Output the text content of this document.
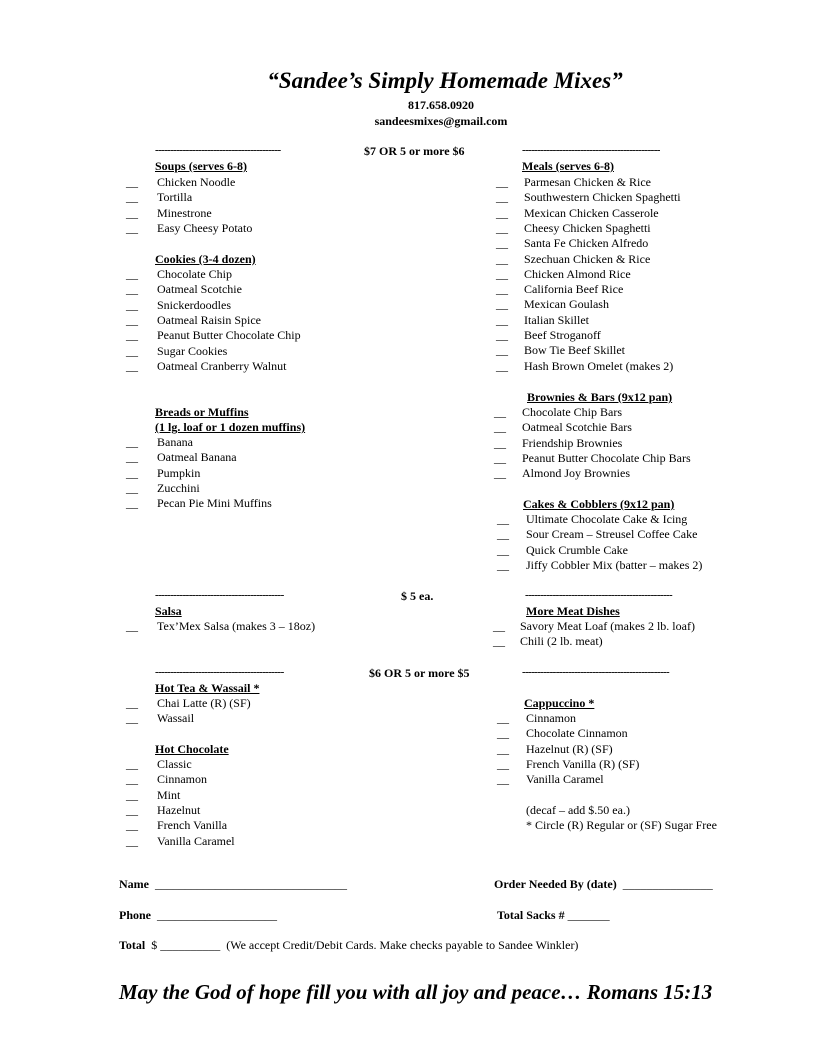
“Sandee’s Simply Homemade Mixes”
817.658.0920
sandeesmixes@gmail.com
-----------------------------------------	$7 OR 5 or more $6	---------------------------------------------
Soups (serves 6-8)
Cookies (3-4 dozen)
Breads or Muffins
(1 lg. loaf or 1 dozen muffins)
Meals (serves 6-8)
Brownies & Bars (9x12 pan)
Cakes & Cobblers (9x12 pan)
------------------------------------------	$ 5 ea.	------------------------------------------------
Salsa	More Meat Dishes
------------------------------------------	$6 OR 5 or more $5	------------------------------------------------
Hot Tea & Wassail *
Hot Chocolate
Cappuccino *
(decaf – add $.50 ea.)
* Circle (R) Regular or (SF) Sugar Free
Name ________________________________	Order Needed By (date) _______________
Phone ____________________	Total Sacks # _______
Total $ __________ (We accept Credit/Debit Cards. Make checks payable to Sandee Winkler)
May the God of hope fill you with all joy and peace… Romans 15:13
__ Chicken Noodle
__ Tortilla
__ Minestrone
__ Easy Cheesy Potato
__ Chocolate Chip
__ Oatmeal Scotchie
__ Snickerdoodles
__ Oatmeal Raisin Spice
__ Peanut Butter Chocolate Chip
__ Sugar Cookies
__ Oatmeal Cranberry Walnut
__ Banana
__ Oatmeal Banana
__ Pumpkin
__ Zucchini
__ Pecan Pie Mini Muffins
__ Parmesan Chicken & Rice
__ Southwestern Chicken Spaghetti
__ Mexican Chicken Casserole
__ Cheesy Chicken Spaghetti
__ Santa Fe Chicken Alfredo
__ Szechuan Chicken & Rice
__ Chicken Almond Rice
__ California Beef Rice
__ Mexican Goulash
__ Italian Skillet
__ Beef Stroganoff
__ Bow Tie Beef Skillet
__ Hash Brown Omelet (makes 2)
__ Chocolate Chip Bars
__ Oatmeal Scotchie Bars
__ Friendship Brownies
__ Peanut Butter Chocolate Chip Bars
__ Almond Joy Brownies
__ Ultimate Chocolate Cake & Icing
__ Sour Cream – Streusel Coffee Cake
__ Quick Crumble Cake
__ Jiffy Cobbler Mix (batter – makes 2)
__ Tex’Mex Salsa (makes 3 – 18oz)	__ Savory Meat Loaf (makes 2 lb. loaf)
__ Chili (2 lb. meat)
__ Chai Latte (R) (SF)
__ Wassail
__ Classic
__ Cinnamon
__ Mint
__ Hazelnut
__ French Vanilla
__ Vanilla Caramel
__ Cinnamon
__ Chocolate Cinnamon
__ Hazelnut (R) (SF)
__ French Vanilla (R) (SF)
__ Vanilla Caramel
